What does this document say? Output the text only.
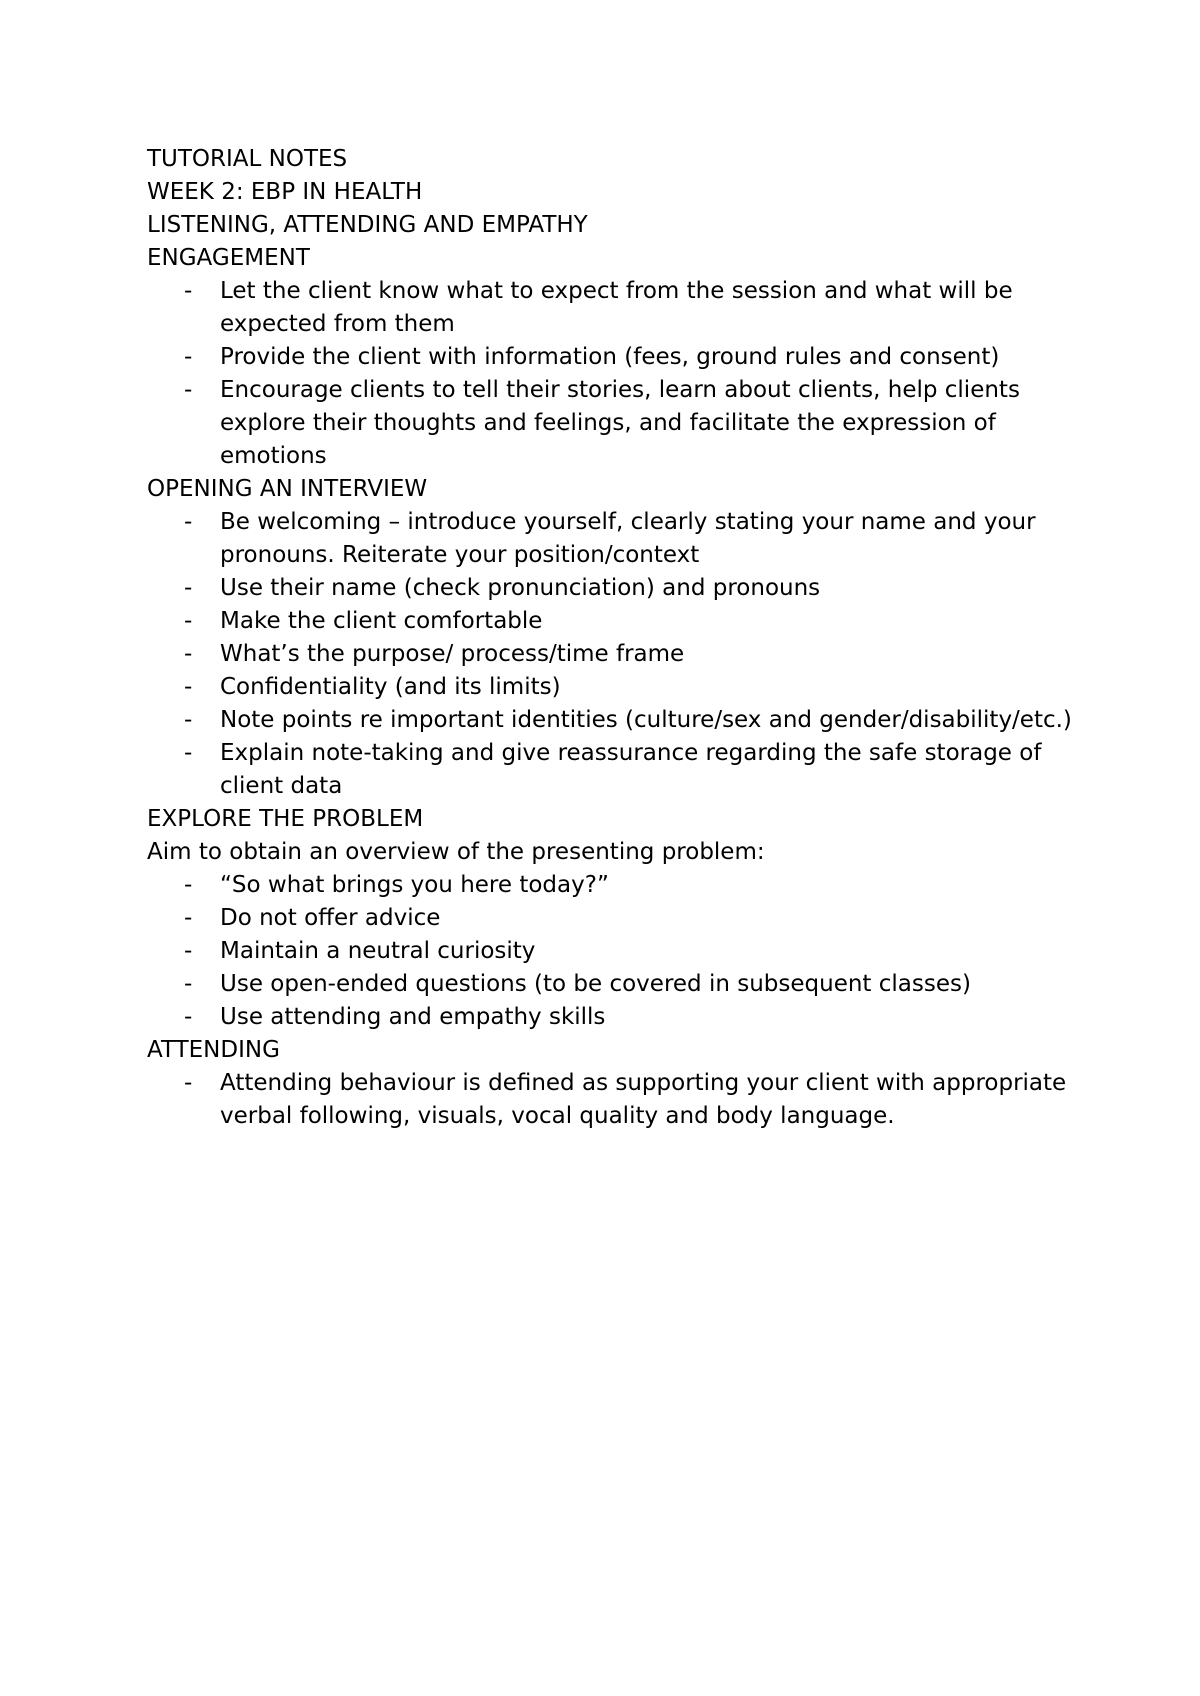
TUTORIAL NOTES

WEEK 2: EBP IN HEALTH

LISTENING, ATTENDING AND EMPATHY

ENGAGEMENT

- Let the client know what to expect from the session and what will be expected from them
- Provide the client with information (fees, ground rules and consent)
- Encourage clients to tell their stories, learn about clients, help clients explore their thoughts and feelings, and facilitate the expression of emotions

OPENING AN INTERVIEW

- Be welcoming – introduce yourself, clearly stating your name and your pronouns. Reiterate your position/context
- Use their name (check pronunciation) and pronouns
- Make the client comfortable
- What’s the purpose/ process/time frame
- Confidentiality (and its limits)
- Note points re important identities (culture/sex and gender/disability/etc.)
- Explain note-taking and give reassurance regarding the safe storage of client data

EXPLORE THE PROBLEM

Aim to obtain an overview of the presenting problem:

- “So what brings you here today?”
- Do not offer advice
- Maintain a neutral curiosity
- Use open-ended questions (to be covered in subsequent classes)
- Use attending and empathy skills

ATTENDING

- Attending behaviour is defined as supporting your client with appropriate verbal following, visuals, vocal quality and body language.
